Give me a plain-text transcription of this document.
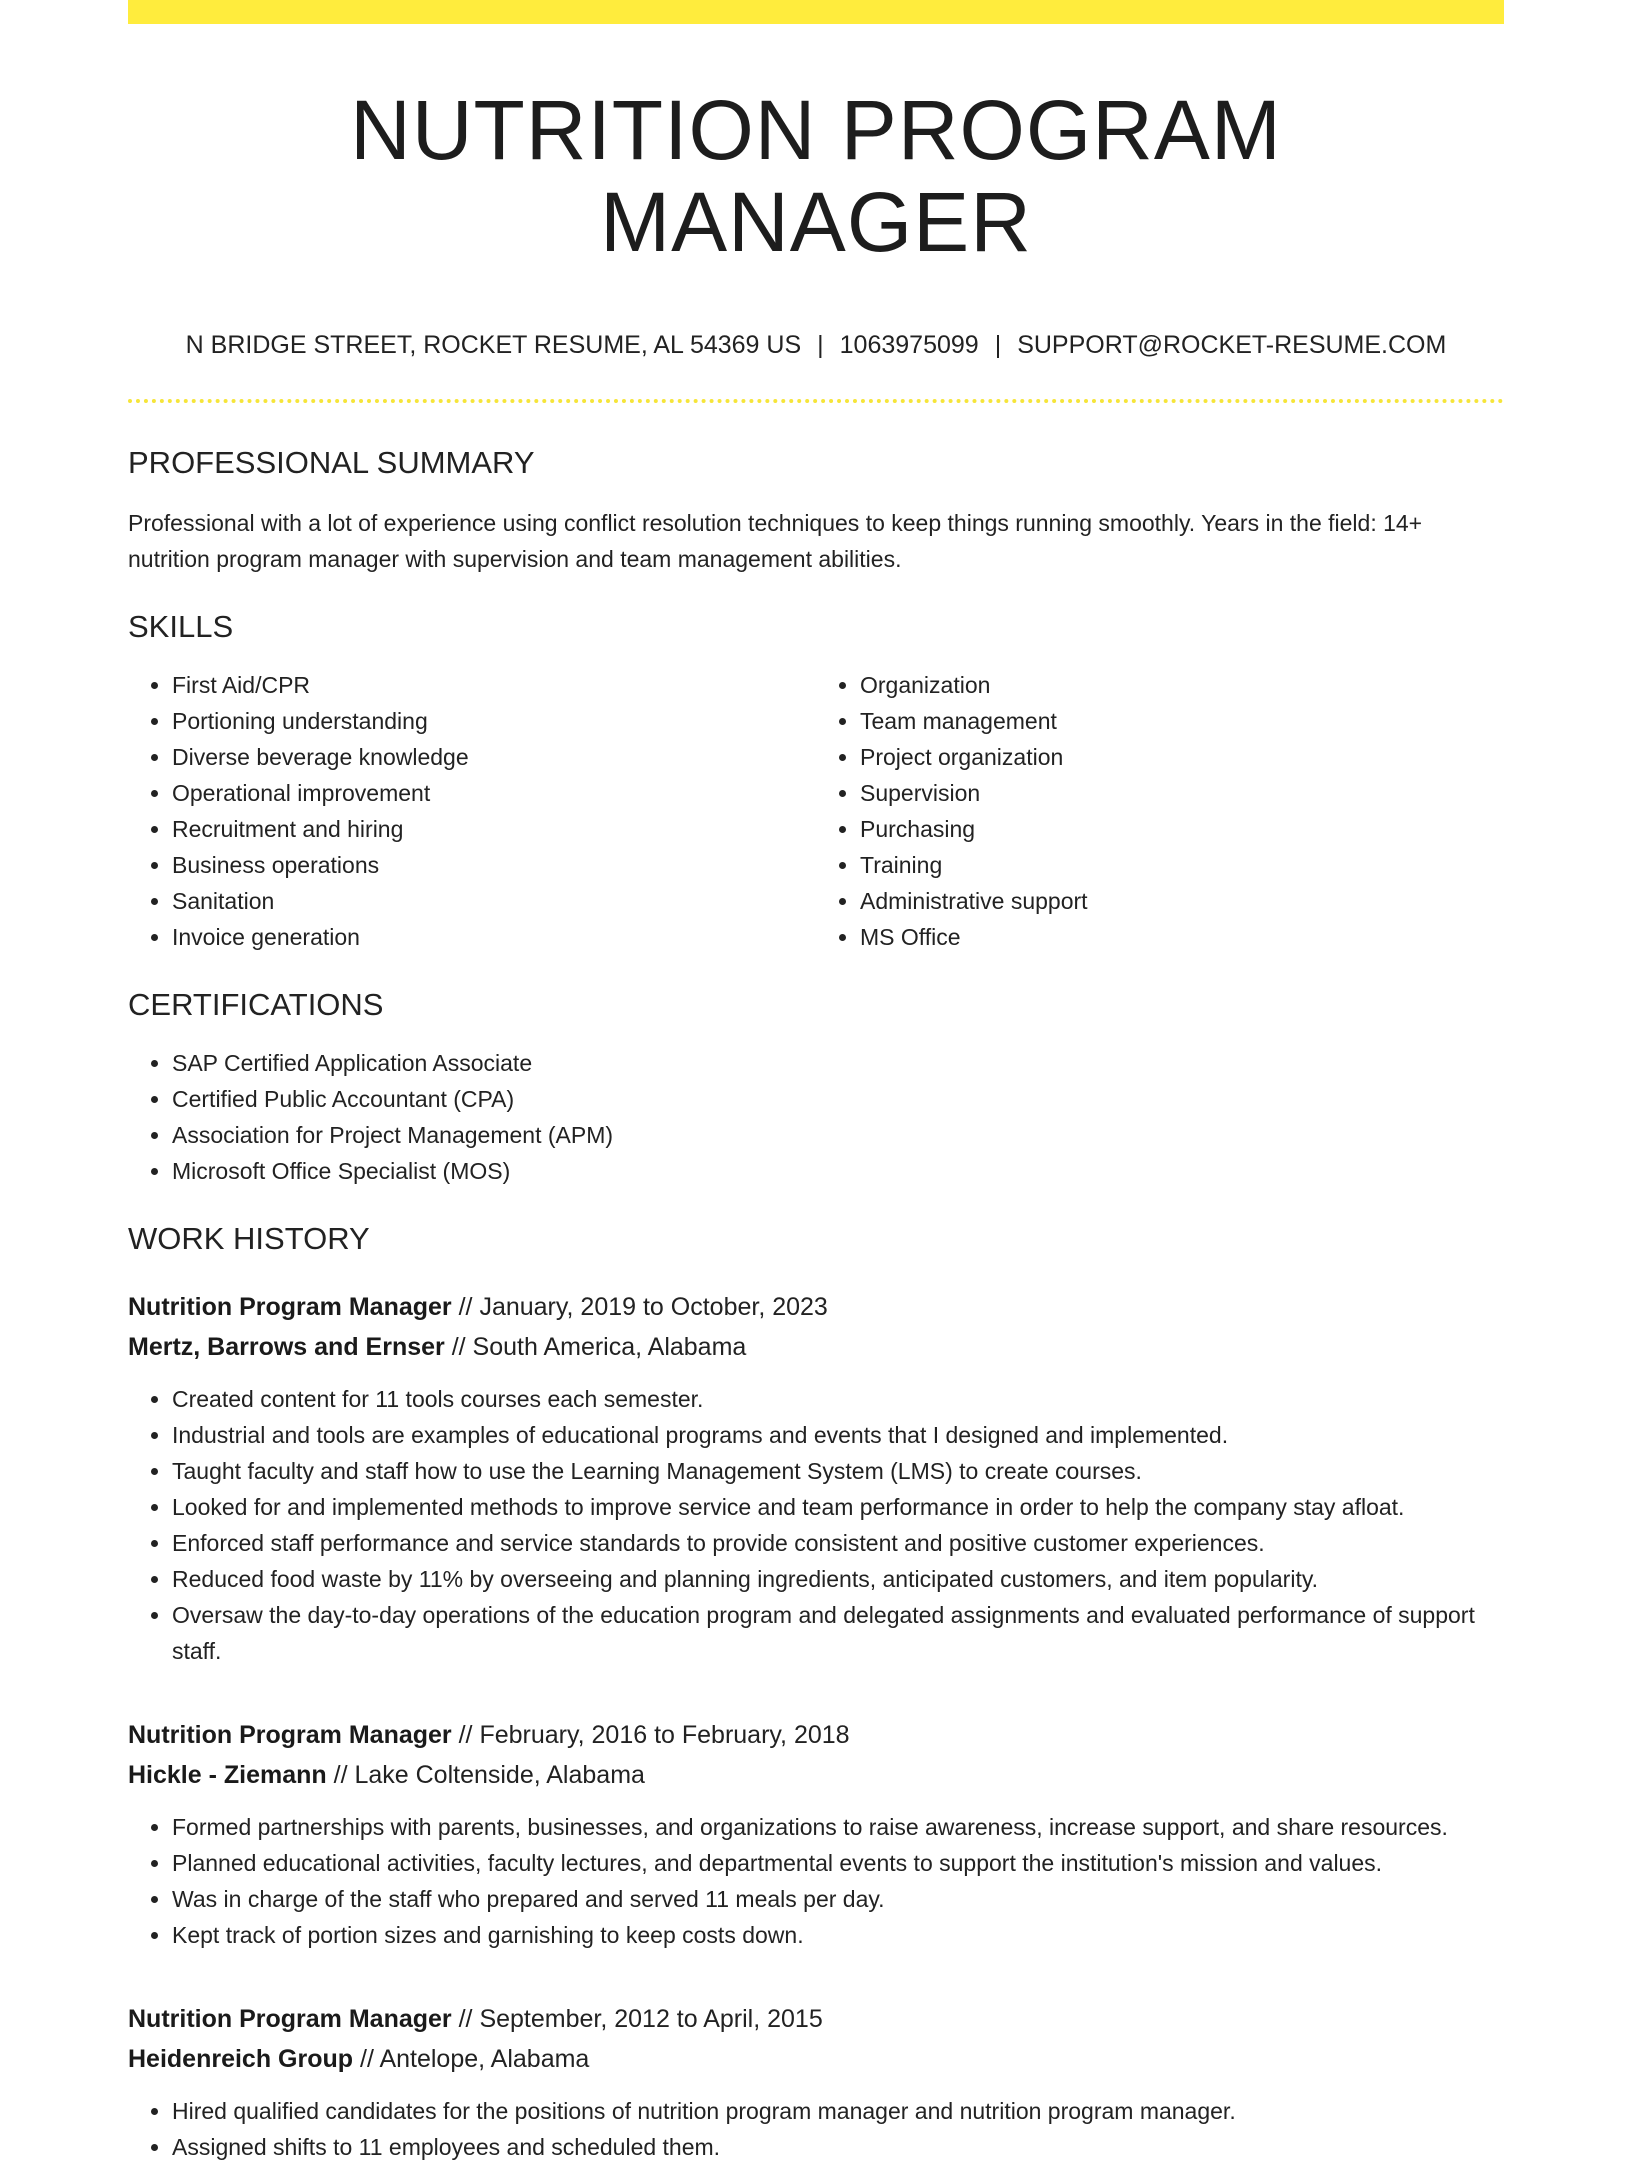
NUTRITION PROGRAM MANAGER
N BRIDGE STREET, ROCKET RESUME, AL 54369 US | 1063975099 | SUPPORT@ROCKET-RESUME.COM
PROFESSIONAL SUMMARY

Professional with a lot of experience using conflict resolution techniques to keep things running smoothly. Years in the field: 14+ nutrition program manager with supervision and team management abilities.

SKILLS
• First Aid/CPR
• Portioning understanding
• Diverse beverage knowledge
• Operational improvement
• Recruitment and hiring
• Business operations
• Sanitation
• Invoice generation
• Organization
• Team management
• Project organization
• Supervision
• Purchasing
• Training
• Administrative support
• MS Office
CERTIFICATIONS
• SAP Certified Application Associate
• Certified Public Accountant (CPA)
• Association for Project Management (APM)
• Microsoft Office Specialist (MOS)
WORK HISTORY
Nutrition Program Manager // January, 2019 to October, 2023
Mertz, Barrows and Ernser // South America, Alabama
• Created content for 11 tools courses each semester.
• Industrial and tools are examples of educational programs and events that I designed and implemented.
• Taught faculty and staff how to use the Learning Management System (LMS) to create courses.
• Looked for and implemented methods to improve service and team performance in order to help the company stay afloat.
• Enforced staff performance and service standards to provide consistent and positive customer experiences.
• Reduced food waste by 11% by overseeing and planning ingredients, anticipated customers, and item popularity.
• Oversaw the day-to-day operations of the education program and delegated assignments and evaluated performance of support staff.
Nutrition Program Manager // February, 2016 to February, 2018
Hickle - Ziemann // Lake Coltenside, Alabama
• Formed partnerships with parents, businesses, and organizations to raise awareness, increase support, and share resources.
• Planned educational activities, faculty lectures, and departmental events to support the institution's mission and values.
• Was in charge of the staff who prepared and served 11 meals per day.
• Kept track of portion sizes and garnishing to keep costs down.
Nutrition Program Manager // September, 2012 to April, 2015
Heidenreich Group // Antelope, Alabama
• Hired qualified candidates for the positions of nutrition program manager and nutrition program manager.
• Assigned shifts to 11 employees and scheduled them.
